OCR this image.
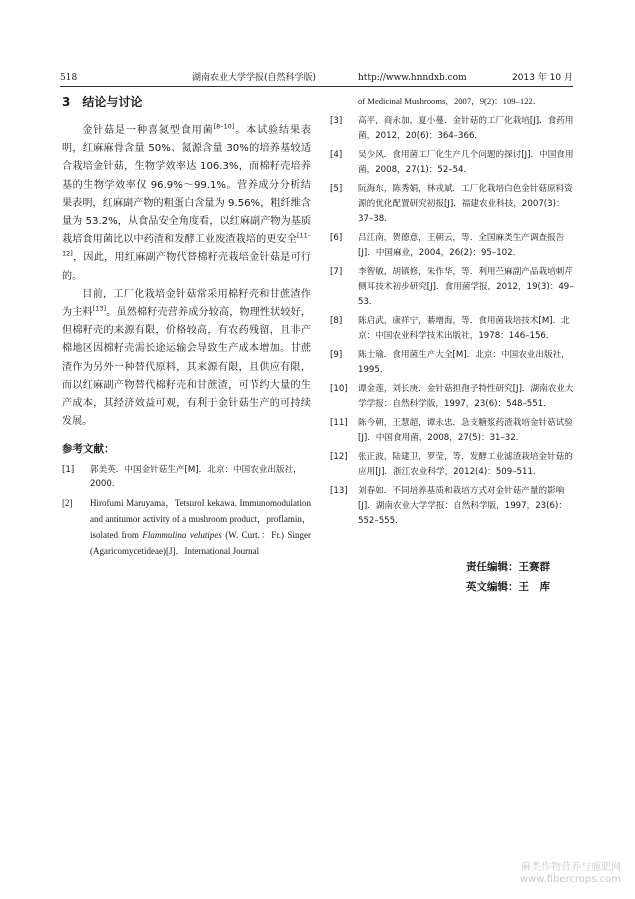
518	湖南农业大学学报(自然科学版)	http://www.hnndxb.com	2013 年 10 月
3　结论与讨论

金针菇是一种喜氮型食用菌[8–10]。本试验结果表明，红麻麻骨含量 50%、氮源含量 30%的培养基较适合栽培金针菇，生物学效率达 106.3%，而棉籽壳培养基的生物学效率仅 96.9%～99.1%。营养成分分析结果表明，红麻副产物的粗蛋白含量为 9.56%，粗纤维含量为 53.2%，从食品安全角度看，以红麻副产物为基质栽培食用菌比以中药渣和发酵工业废渣栽培的更安全[11–12]，因此，用红麻副产物代替棉籽壳栽培金针菇是可行的。

目前，工厂化栽培金针菇常采用棉籽壳和甘蔗渣作为主料[13]。虽然棉籽壳营养成分较高，物理性状较好，但棉籽壳的来源有限，价格较高，有农药残留，且非产棉地区因棉籽壳需长途运输会导致生产成本增加。甘蔗渣作为另外一种替代原料，其来源有限，且供应有限，而以红麻副产物替代棉籽壳和甘蔗渣，可节约大量的生产成本，其经济效益可观，有利于金针菇生产的可持续发展。

参考文献：
[1] 郭美英．中国金针菇生产[M]．北京：中国农业出版社，2000．
[2] Hirofumi Maruyama，TetsuroI kekawa. Immunomodulation and antitumor activity of a mushroom product，proflamin，isolated from Flammulina velutipes (W. Curt.：Fr.) Singer (Agaricomycetideae)[J]．International Journal
of Medicinal Mushrooms，2007，9(2)：109–122．
[3] 高平，商永加，夏小蔓．金针菇的工厂化栽培[J]．食药用菌，2012，20(6)：364–366．
[4] 吴少风．食用菌工厂化生产几个问题的探讨[J]．中国食用菌，2008，27(1)：52–54．
[5] 阮海东，陈秀娟，林戎斌．工厂化栽培白色金针菇原料资源的优化配置研究初报[J]．福建农业科技，2007(3)：37–38．
[6] 吕江南，贺德意，王朝云，等．全国麻类生产调查报告[J]．中国麻业，2004，26(2)：95–102．
[7] 李智敏，胡镇修，朱作华，等．利用苎麻副产品栽培刺芹侧耳技术初步研究[J]．食用菌学报，2012，19(3)：49–53．
[8] 陈启武，康祥宁，綦增海，等．食用菌栽培技术[M]．北京：中国农业科学技术出版社，1978：146–156．
[9] 陈士瑜．食用菌生产大全[M]．北京：中国农业出版社，1995．
[10] 谭金莲，刘长庚．金针菇担孢子特性研究[J]．湖南农业大学学报：自然科学版，1997，23(6)：548–551．
[11] 陈今朝，王慧超，谭永忠．急支糖浆药渣栽培金针菇试验[J]．中国食用菌，2008，27(5)：31–32．
[12] 张正波，陆建卫，罗莹，等．发酵工业滤渣栽培金针菇的应用[J]．浙江农业科学，2012(4)：509–511．
[13] 刘春如．不同培养基质和栽培方式对金针菇产量的影响[J]．湖南农业大学学报：自然科学版，1997，23(6)：552–555．
责任编辑：王赛群
英文编辑：王　库
麻类作物营养与施肥网
www.fibercrops.com
